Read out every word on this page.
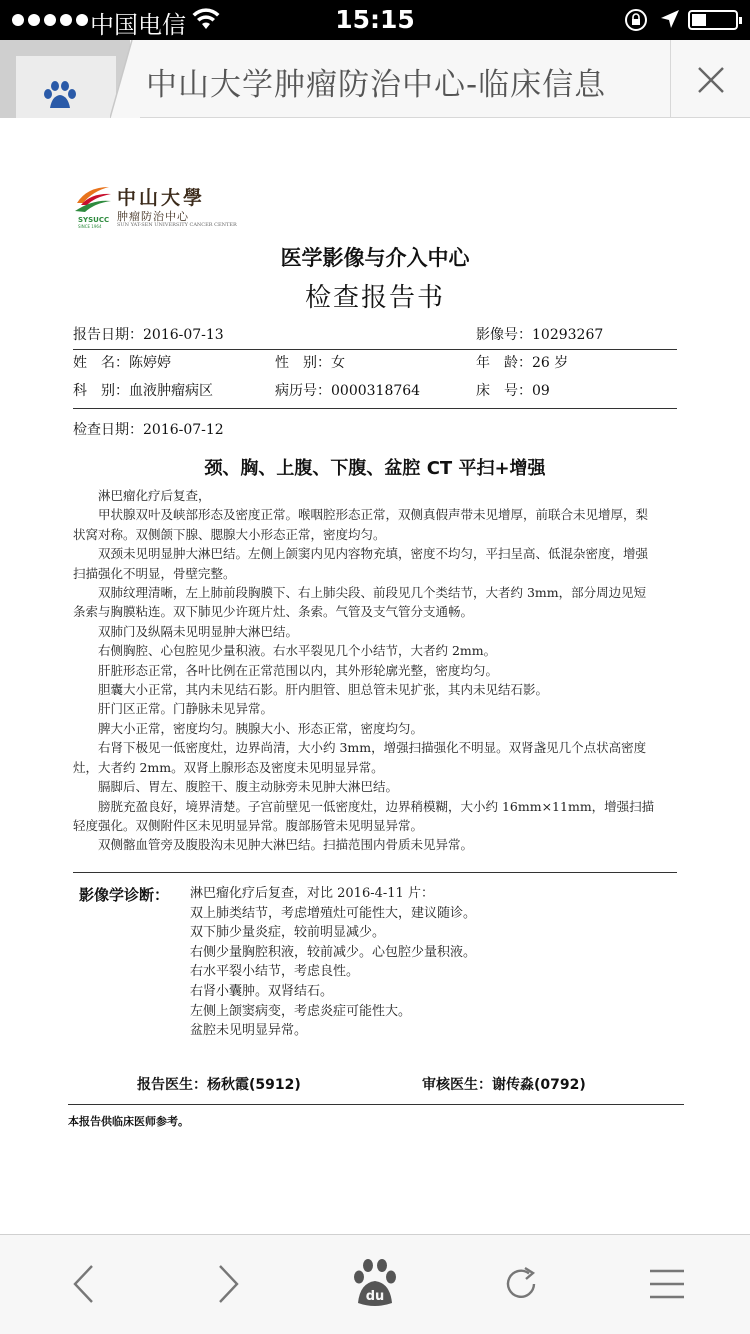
中国电信	15:15
中山大学肿瘤防治中心-临床信息
SYSUCC
SINCE 1964
中山大學
肿瘤防治中心
SUN YAT-SEN UNIVERSITY CANCER CENTER
医学影像与介入中心
检查报告书
报告日期：2016-07-13	影像号：10293267
姓　名：陈婷婷	性　别：女	年　龄：26 岁
科　别：血液肿瘤病区	病历号：0000318764	床　号：09
检查日期：2016-07-12
颈、胸、上腹、下腹、盆腔 CT 平扫+增强

淋巴瘤化疗后复查，

甲状腺双叶及峡部形态及密度正常。喉咽腔形态正常，双侧真假声带未见增厚，前联合未见增厚，梨状窝对称。双侧颌下腺、腮腺大小形态正常，密度均匀。

双颈未见明显肿大淋巴结。左侧上颌窦内见内容物充填，密度不均匀，平扫呈高、低混杂密度，增强扫描强化不明显，骨壁完整。

双肺纹理清晰，左上肺前段胸膜下、右上肺尖段、前段见几个类结节，大者约 3mm，部分周边见短条索与胸膜粘连。双下肺见少许斑片灶、条索。气管及支气管分支通畅。

双肺门及纵隔未见明显肿大淋巴结。

右侧胸腔、心包腔见少量积液。右水平裂见几个小结节，大者约 2mm。

肝脏形态正常，各叶比例在正常范围以内，其外形轮廓光整，密度均匀。

胆囊大小正常，其内未见结石影。肝内胆管、胆总管未见扩张，其内未见结石影。

肝门区正常。门静脉未见异常。

脾大小正常，密度均匀。胰腺大小、形态正常，密度均匀。

右肾下极见一低密度灶，边界尚清，大小约 3mm，增强扫描强化不明显。双肾盏见几个点状高密度灶，大者约 2mm。双肾上腺形态及密度未见明显异常。

膈脚后、胃左、腹腔干、腹主动脉旁未见肿大淋巴结。

膀胱充盈良好，境界清楚。子宫前壁见一低密度灶，边界稍模糊，大小约 16mm×11mm，增强扫描轻度强化。双侧附件区未见明显异常。腹部肠管未见明显异常。

双侧髂血管旁及腹股沟未见肿大淋巴结。扫描范围内骨质未见异常。

影像学诊断： 淋巴瘤化疗后复查，对比 2016-4-11 片：
双上肺类结节，考虑增殖灶可能性大，建议随诊。
双下肺少量炎症，较前明显减少。
右侧少量胸腔积液，较前减少。心包腔少量积液。
右水平裂小结节，考虑良性。
右肾小囊肿。双肾结石。
左侧上颌窦病变，考虑炎症可能性大。
盆腔未见明显异常。
报告医生：杨秋霞(5912)	审核医生：谢传淼(0792)
本报告供临床医师参考。
du
